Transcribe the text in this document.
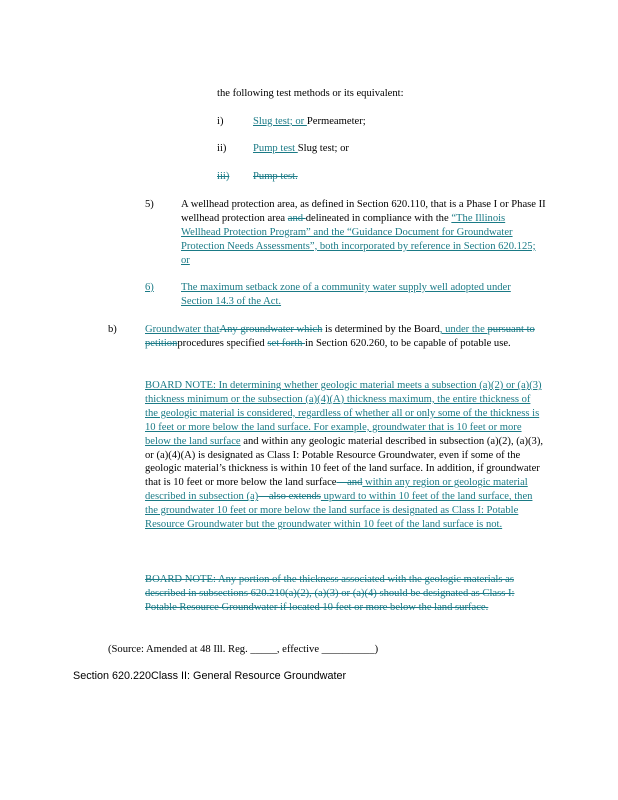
the following test methods or its equivalent:

i)	Slug test; or Permeameter;
ii)	Pump test Slug test; or
iii) Pump test.
5)	A wellhead protection area, as defined in Section 620.110, that is a Phase I or Phase II wellhead protection area and delineated in compliance with the “The Illinois Wellhead Protection Program” and the “Guidance Document for Groundwater Protection Needs Assessments”, both incorporated by reference in Section 620.125; or
6)	The maximum setback zone of a community water supply well adopted under Section 14.3 of the Act.
b)	Groundwater thatAny groundwater which is determined by the Board, under the pursuant to petitionprocedures specified set forth in Section 620.260, to be capable of potable use.
BOARD NOTE: In determining whether geologic material meets a subsection (a)(2) or (a)(3) thickness minimum or the subsection (a)(4)(A) thickness maximum, the entire thickness of the geologic material is considered, regardless of whether all or only some of the thickness is 10 feet or more below the land surface. For example, groundwater that is 10 feet or more below the land surface and within any geologic material described in subsection (a)(2), (a)(3), or (a)(4)(A) is designated as Class I: Potable Resource Groundwater, even if some of the geologic material’s thickness is within 10 feet of the land surface. In addition, if groundwater that is 10 feet or more below the land surface—and within any region or geologic material described in subsection (a)—also extends upward to within 10 feet of the land surface, then the groundwater 10 feet or more below the land surface is designated as Class I: Potable Resource Groundwater but the groundwater within 10 feet of the land surface is not.
BOARD NOTE: Any portion of the thickness associated with the geologic materials as described in subsections 620.210(a)(2), (a)(3) or (a)(4) should be designated as Class I: Potable Resource Groundwater if located 10 feet or more below the land surface.

(Source: Amended at 48 Ill. Reg. _____, effective __________)

Section 620.220Class II: General Resource Groundwater
